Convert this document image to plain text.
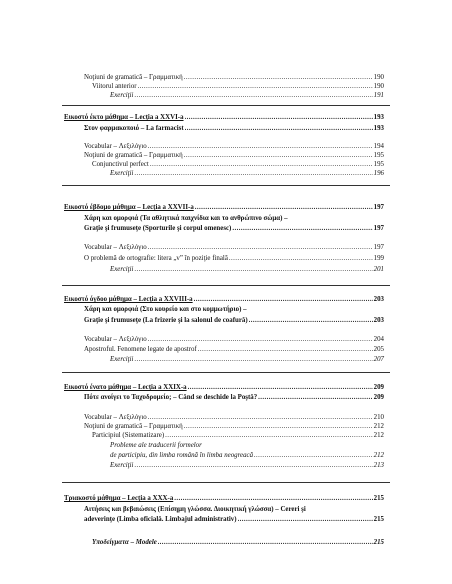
Noţiuni de gramatică – Γραμματική .....	190
Viitorul anterior .....	190
Exerciţii .....	191
Εικοστό έκτο μάθημα – Lecţia a XXVI-a .....	193
Στον φαρμακοποιό – La farmacist .....	193
Vocabular – Λεξιλόγιο .....	194
Noţiuni de gramatică – Γραμματική .....	195
Conjunctivul perfect .....	195
Exerciţii .....	196
Εικοστό έβδομο μάθημα – Lecţia a XXVII-a .....	197
Χάρη και ομορφιά (Τα αθλητικά παιχνίδια και το ανθρώπινο σώμα) –
Graţie şi frumuseţe (Sporturile şi corpul omenesc) .....	197
Vocabular – Λεξιλόγιο .....	197
O problemă de ortografie: litera „v” în poziţie finală .....	199
Exerciţii .....	201
Εικοστό όγδοο μάθημα – Lecţia a XXVIII-a .....	203
Χάρη και ομορφιά (Στο κουρείο και στο κομμωτήριο) –
Graţie şi frumuseţe (La frizerie şi la salonul de coafură) .....	203
Vocabular – Λεξιλόγιο .....	204
Apostroful. Fenomene legate de apostrof .....	205
Exerciţii .....	207
Εικοστό ένατο μάθημα – Lecţia a XXIX-a .....	209
Πότε ανοίγει το Ταχυδρομείο; – Când se deschide la Poştă? .....	209
Vocabular – Λεξιλόγιο .....	210
Noţiuni de gramatică – Γραμματική .....	212
Participiul (Sistematizare) .....	212
Probleme ale traducerii formelor
de participiu, din limba română în limba neogreacă .....	212
Exerciţii .....	213
Τριακοστό μάθημα – Lecţia a XXX-a .....	215
Αιτήσεις και βεβαιώσεις (Επίσημη γλώσσα. Διοικητική γλώσσα) – Cereri şi
adeverinţe (Limba oficială. Limbajul administrativ) .....	215
Υποδείγματα – Modele .....	215
